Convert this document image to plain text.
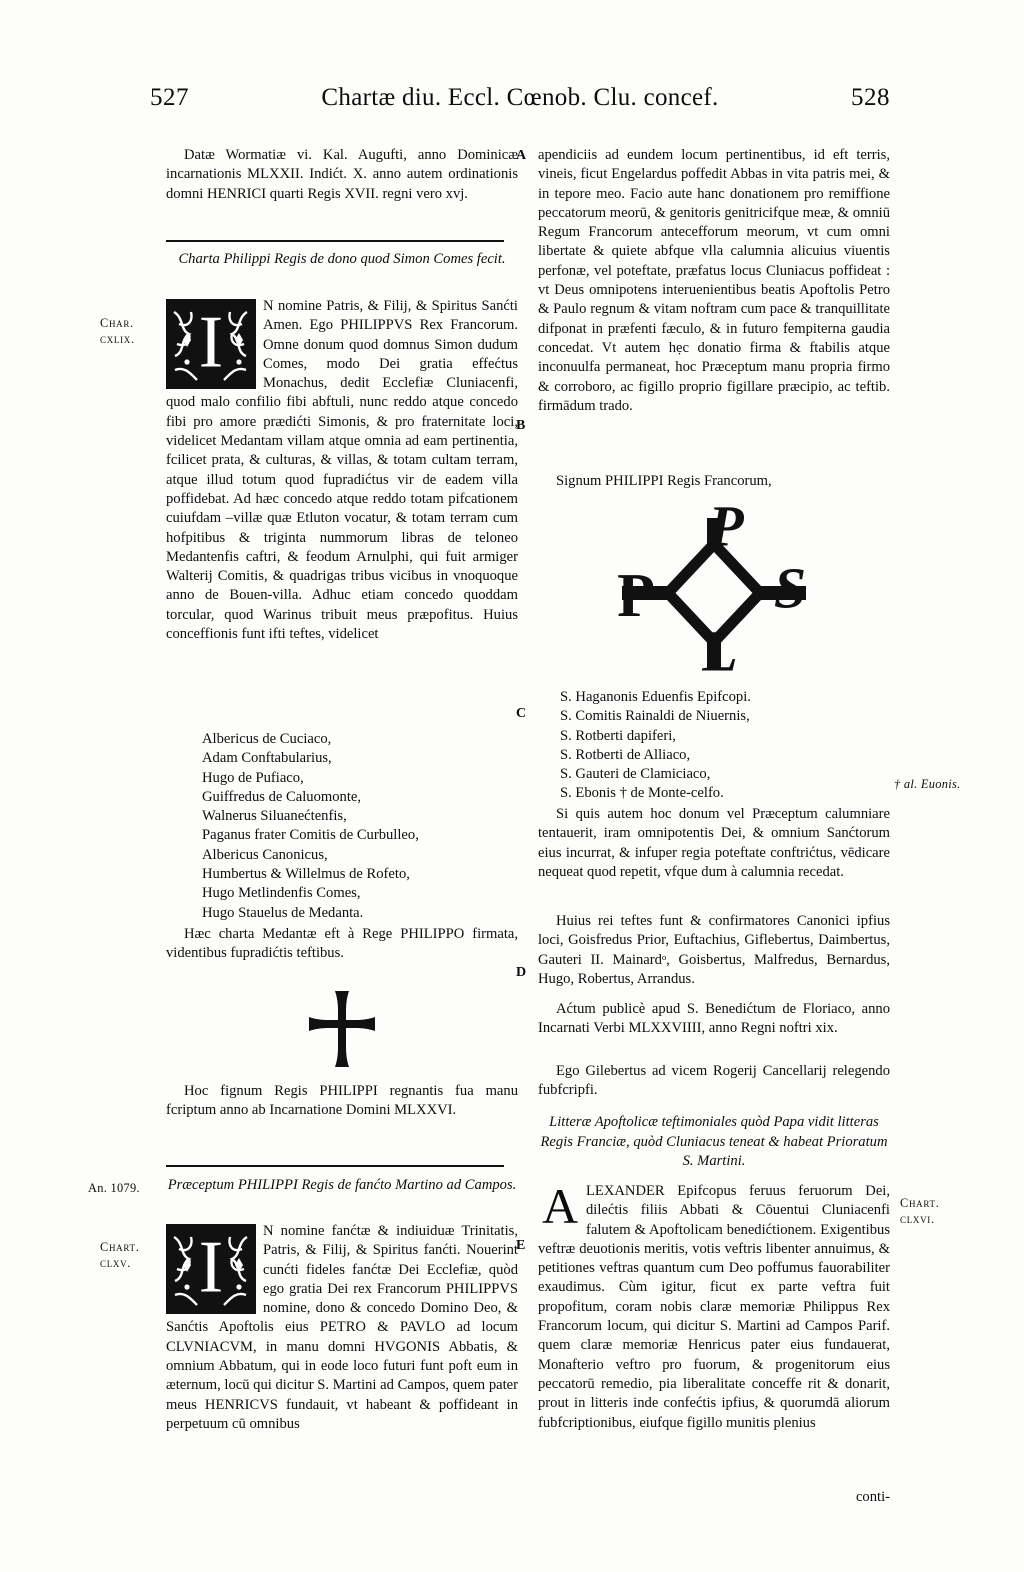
527	Chartæ diu. Eccl. Cœnob. Clu. concef.	528
A
B
C
D
E

Datæ Wormatiæ vi. Kal. Augufti, anno Dominicæ incarnationis MLXXII. Indićt. X. anno autem ordinationis domni HENRICI quarti Regis XVII. regni vero xvj.

Charta Philippi Regis de dono quod Simon Comes fecit.
Char.
cxlix. I	N nomine Patris, & Filij, & Spiritus Sanćti Amen. Ego PHILIPPVS Rex Francorum. Omne donum quod domnus Simon dudum Comes, modo Dei gratia effećtus Monachus, dedit Ecclefiæ Cluniacenfi, quod malo confilio fibi abftuli, nunc reddo atque concedo fibi pro amore prædićti Simonis, & pro fraternitate loci, videlicet Medantam villam atque omnia ad eam pertinentia, fcilicet prata, & culturas, & villas, & totam cultam terram, atque illud totum quod fupradićtus vir de eadem villa poffidebat. Ad hæc concedo atque reddo totam pifcationem cuiufdam –villæ quæ Etluton vocatur, & totam terram cum hofpitibus & triginta nummorum libras de teloneo Medantenfis caftri, & feodum Arnulphi, qui fuit armiger Walterij Comitis, & quadrigas tribus vicibus in vnoquoque anno de Bouen-villa. Adhuc etiam concedo quoddam torcular, quod Warinus tribuit meus præpofitus. Huius conceffionis funt ifti teftes, videlicet

Albericus de Cuciaco,
Adam Conftabularius,
Hugo de Pufiaco,
Guiffredus de Caluomonte,
Walnerus Siluanećtenfis,
Paganus frater Comitis de Curbulleo,
Albericus Canonicus,
Humbertus & Willelmus de Rofeto,
Hugo Metlindenfis Comes,
Hugo Stauelus de Medanta.

Hæc charta Medantæ eft à Rege PHILIPPO firmata, videntibus fupradićtis teftibus.

Hoc fignum Regis PHILIPPI regnantis fua manu fcriptum anno ab Incarnatione Domini MLXXVI.

An. 1079. Præceptum PHILIPPI Regis de fanćto Martino ad Campos.
Chart.
clxv. I	N nomine fanćtæ & indiuiduæ Trinitatis, Patris, & Filij, & Spiritus fanćti. Nouerint cunćti fideles fanćtæ Dei Ecclefiæ, quòd ego gratia Dei rex Francorum PHILIPPVS nomine, dono & concedo Domino Deo, & Sanćtis Apoftolis eius PETRO & PAVLO ad locum CLVNIACVM, in manu domni HVGONIS Abbatis, & omnium Abbatum, qui in eode loco futuri funt poft eum in æternum, locū qui dicitur S. Martini ad Campos, quem pater meus HENRICVS fundauit, vt habeant & poffideant in perpetuum cū omnibus

apendiciis ad eundem locum pertinentibus, id eft terris, vineis, ficut Engelardus poffedit Abbas in vita patris mei, & in tepore meo. Facio aute hanc donationem pro remiffione peccatorum meorū, & genitoris genitricifque meæ, & omniū Regum Francorum antecefforum meorum, vt cum omni libertate & quiete abfque vlla calumnia alicuius viuentis perfonæ, vel poteftate, præfatus locus Cluniacus poffideat : vt Deus omnipotens interuenientibus beatis Apoftolis Petro & Paulo regnum & vitam noftram cum pace & tranquillitate difponat in præfenti fæculo, & in futuro fempiterna gaudia concedat. Vt autem hẹc donatio firma & ftabilis atque inconuulfa permaneat, hoc Præceptum manu propria firmo & corroboro, ac figillo proprio figillare præcipio, ac teftib. firmādum trado.

Signum PHILIPPI Regis Francorum,

P
P
S
L
S. Haganonis Eduenfis Epifcopi.
S. Comitis Rainaldi de Niuernis,
S. Rotberti dapiferi,
S. Rotberti de Alliaco,
S. Gauteri de Clamiciaco,
S. Ebonis † de Monte-celfo.
† al. Euonis.

Si quis autem hoc donum vel Præceptum calumniare tentauerit, iram omnipotentis Dei, & omnium Sanćtorum eius incurrat, & infuper regia poteftate conftrićtus, vēdicare nequeat quod repetit, vfque dum à calumnia recedat.

Huius rei teftes funt & confirmatores Canonici ipfius loci, Goisfredus Prior, Euftachius, Giflebertus, Daimbertus, Gauteri II. Mainardᵒ, Goisbertus, Malfredus, Bernardus, Hugo, Robertus, Arrandus.

Aćtum publicè apud S. Benedićtum de Floriaco, anno Incarnati Verbi MLXXVIIII, anno Regni noftri xix.

Ego Gilebertus ad vicem Rogerij Cancellarij relegendo fubfcripfi.

Litteræ Apoftolicæ teftimoniales quòd Papa vidit litteras Regis Franciæ, quòd Cluniacus teneat & habeat Prioratum S. Martini.
Chart.
clxvi.
A LEXANDER Epifcopus feruus feruorum Dei, dilećtis filiis Abbati & Cōuentui Cluniacenfi falutem & Apoftolicam benedićtionem. Exigentibus veftræ deuotionis meritis, votis veftris libenter annuimus, & petitiones veftras quantum cum Deo poffumus fauorabiliter exaudimus. Cùm igitur, ficut ex parte veftra fuit propofitum, coram nobis claræ memoriæ Philippus Rex Francorum locum, qui dicitur S. Martini ad Campos Parif. quem claræ memoriæ Henricus pater eius fundauerat, Monafterio veftro pro fuorum, & progenitorum eius peccatorū remedio, pia liberalitate conceffe rit & donarit, prout in litteris inde confećtis ipfius, & quorumdā aliorum fubfcriptionibus, eiufque figillo munitis plenius

conti-
